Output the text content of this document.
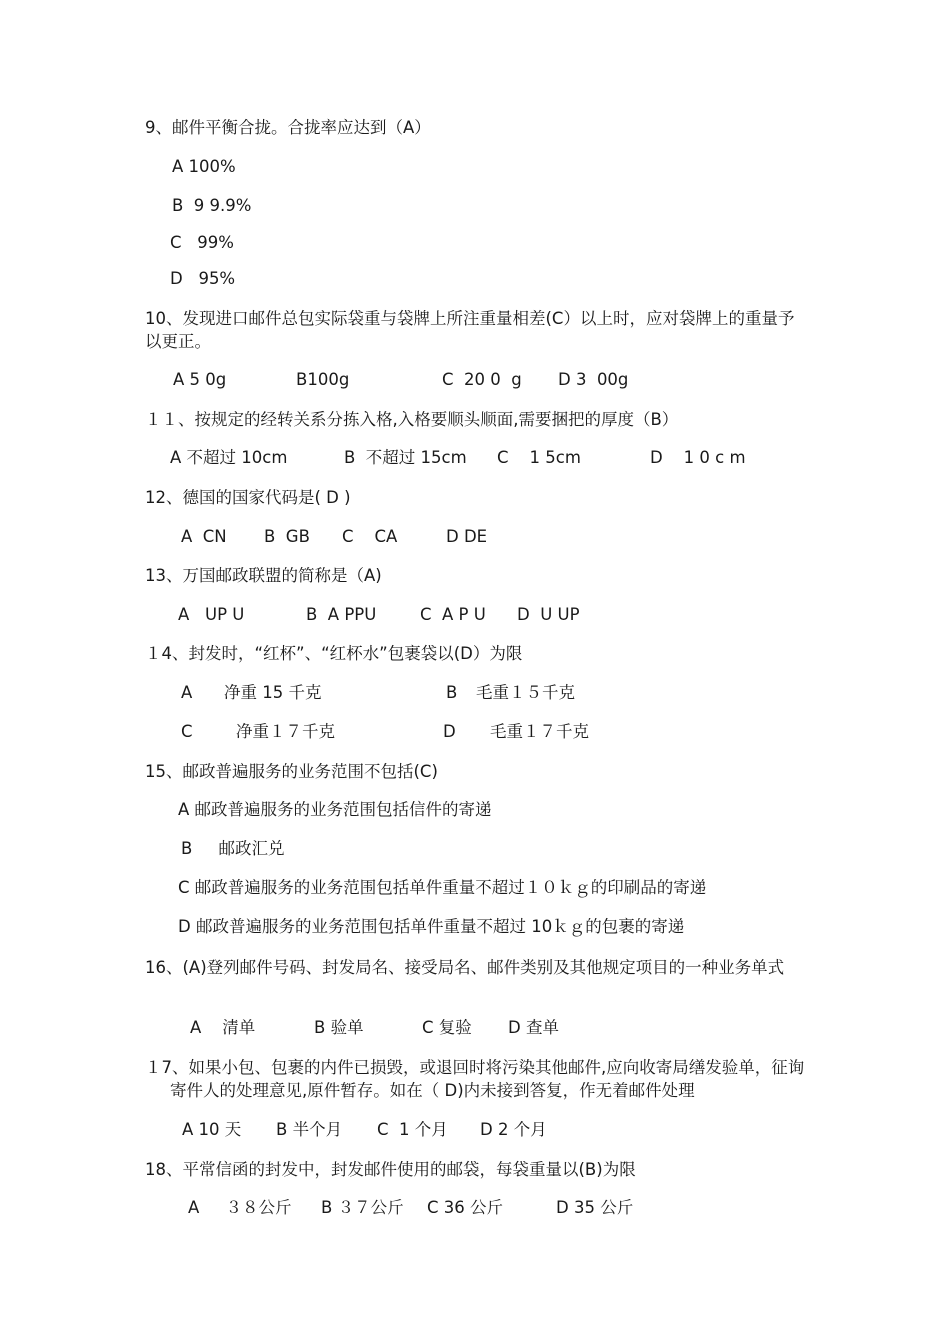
9、邮件平衡合拢。合拢率应达到（A）
A 100%
B  9 9.9%
C   99%
D   95%
10、发现进口邮件总包实际袋重与袋牌上所注重量相差(C）以上时，应对袋牌上的重量予以更正。
A 5 0g	B100g	C  20 0  g D 3  00g
１１、按规定的经转关系分拣入格,入格要顺头顺面,需要捆把的厚度（B）
A 不超过 10cm	B  不超过 15cm C    1 5cm	D    1 0 c m
12、德国的国家代码是( D )
A  CN B  GB C    CA	D DE
13、万国邮政联盟的简称是（A)
A   UP U	B  A PPU	C  A P U D  U UP
１4、封发时，“红杯”、“红杯水”包裹袋以(D）为限
A 净重 15 千克	B 毛重１５千克
C	净重１７千克	D 毛重１７千克
15、邮政普遍服务的业务范围不包括(C)
A 邮政普遍服务的业务范围包括信件的寄递
B     邮政汇兑
C 邮政普遍服务的业务范围包括单件重量不超过１０ｋｇ的印刷品的寄递
D 邮政普遍服务的业务范围包括单件重量不超过 10ｋｇ的包裹的寄递
16、(A)登列邮件号码、封发局名、接受局名、邮件类别及其他规定项目的一种业务单式
A    清单	B 验单	C 复验 D 查单
１7、如果小包、包裹的内件已损毁，或退回时将污染其他邮件,应向收寄局缮发验单，征询寄件人的处理意见,原件暂存。如在（ D)内未接到答复，作无着邮件处理
A 10 天 B 半个月 C  1 个月 D 2 个月
18、平常信函的封发中，封发邮件使用的邮袋，每袋重量以(B)为限
A     ３８公斤 B ３７公斤 C 36 公斤	D 35 公斤
